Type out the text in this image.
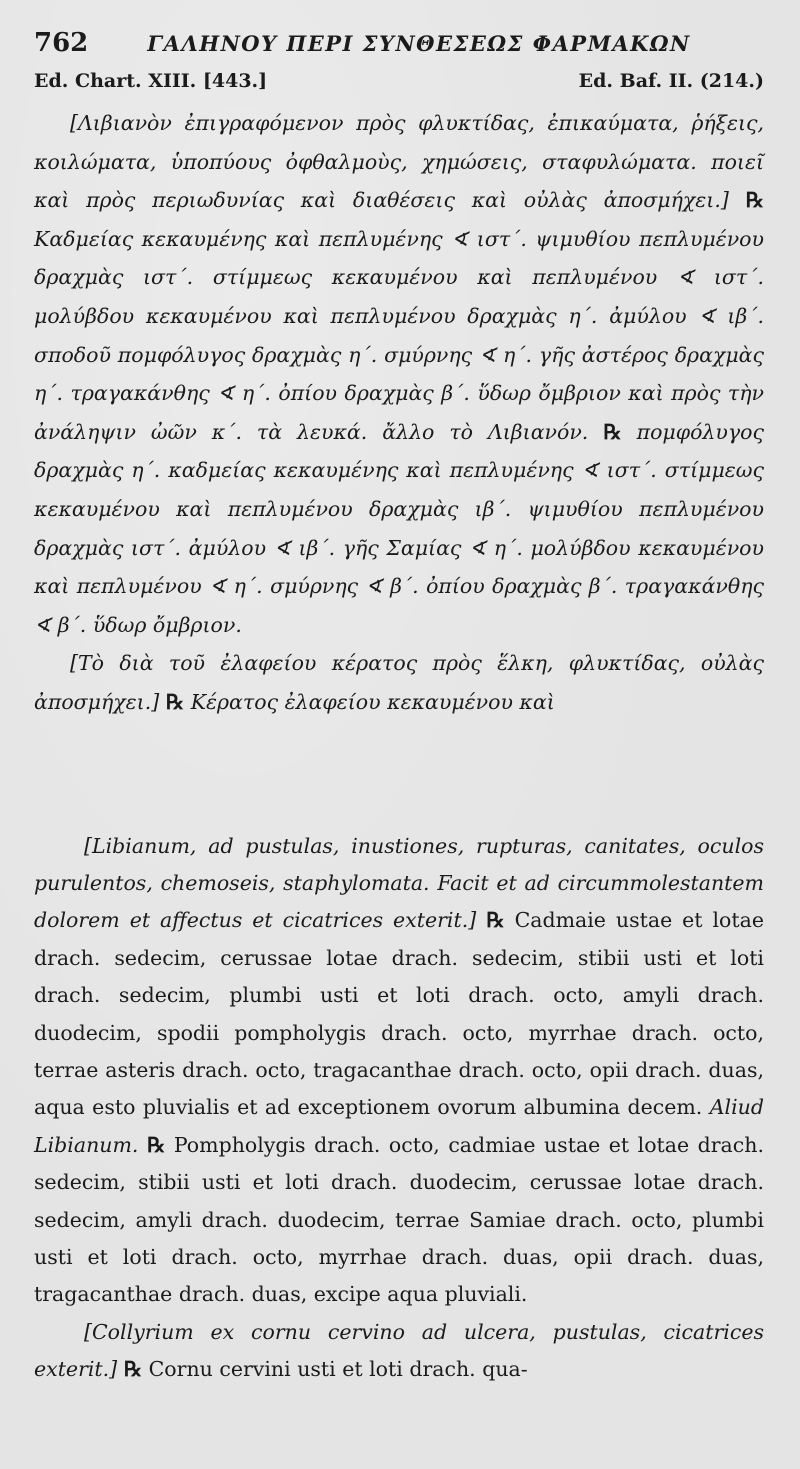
762	ΓΑΛΗΝΟΥ ΠΕΡΙ ΣΥΝΘΕΣΕΩΣ ΦΑΡΜΑΚΩΝ
Ed. Chart. XIII. [443.]	Ed. Baf. II. (214.)

[Λιβιανὸν ἐπιγραφόμενον πρὸς φλυκτίδας, ἐπικαύματα, ῥήξεις, κοιλώματα, ὑποπύους ὀφθαλμοὺς, χημώσεις, σταφυλώματα. ποιεῖ καὶ πρὸς περιωδυνίας καὶ διαθέσεις καὶ οὐλὰς ἀποσμήχει.] ℞ Καδμείας κεκαυμένης καὶ πεπλυμένης ∢ ιστ΄. ψιμυθίου πεπλυμένου δραχμὰς ιστ΄. στίμμεως κεκαυμένου καὶ πεπλυμένου ∢ ιστ΄. μολύβδου κεκαυμένου καὶ πεπλυμένου δραχμὰς η΄. ἀμύλου ∢ ιβ΄. σποδοῦ πομφόλυγος δραχμὰς η΄. σμύρνης ∢ η΄. γῆς ἀστέρος δραχμὰς η΄. τραγακάνθης ∢ η΄. ὀπίου δραχμὰς β΄. ὕδωρ ὄμβριον καὶ πρὸς τὴν ἀνάληψιν ὠῶν κ΄. τὰ λευκά. ἄλλο τὸ Λιβιανόν. ℞ πομφόλυγος δραχμὰς η΄. καδμείας κεκαυμένης καὶ πεπλυμένης ∢ ιστ΄. στίμμεως κεκαυμένου καὶ πεπλυμένου δραχμὰς ιβ΄. ψιμυθίου πεπλυμένου δραχμὰς ιστ΄. ἀμύλου ∢ ιβ΄. γῆς Σαμίας ∢ η΄. μολύβδου κεκαυμένου καὶ πεπλυμένου ∢ η΄. σμύρνης ∢ β΄. ὀπίου δραχμὰς β΄. τραγακάνθης ∢ β΄. ὕδωρ ὄμβριον.

[Τὸ διὰ τοῦ ἐλαφείου κέρατος πρὸς ἕλκη, φλυκτίδας, οὐλὰς ἀποσμήχει.] ℞ Κέρατος ἐλαφείου κεκαυμένου καὶ

[Libianum, ad pustulas, inustiones, rupturas, canitates, oculos purulentos, chemoseis, staphylomata. Facit et ad circummolestantem dolorem et affectus et cicatrices exterit.] ℞ Cadmaie ustae et lotae drach. sedecim, cerussae lotae drach. sedecim, stibii usti et loti drach. sedecim, plumbi usti et loti drach. octo, amyli drach. duodecim, spodii pompholygis drach. octo, myrrhae drach. octo, terrae asteris drach. octo, tragacanthae drach. octo, opii drach. duas, aqua esto pluvialis et ad exceptionem ovorum albumina decem. Aliud Libianum. ℞ Pompholygis drach. octo, cadmiae ustae et lotae drach. sedecim, stibii usti et loti drach. duodecim, cerussae lotae drach. sedecim, amyli drach. duodecim, terrae Samiae drach. octo, plumbi usti et loti drach. octo, myrrhae drach. duas, opii drach. duas, tragacanthae drach. duas, excipe aqua pluviali.

[Collyrium ex cornu cervino ad ulcera, pustulas, cicatrices exterit.] ℞ Cornu cervini usti et loti drach. qua-
